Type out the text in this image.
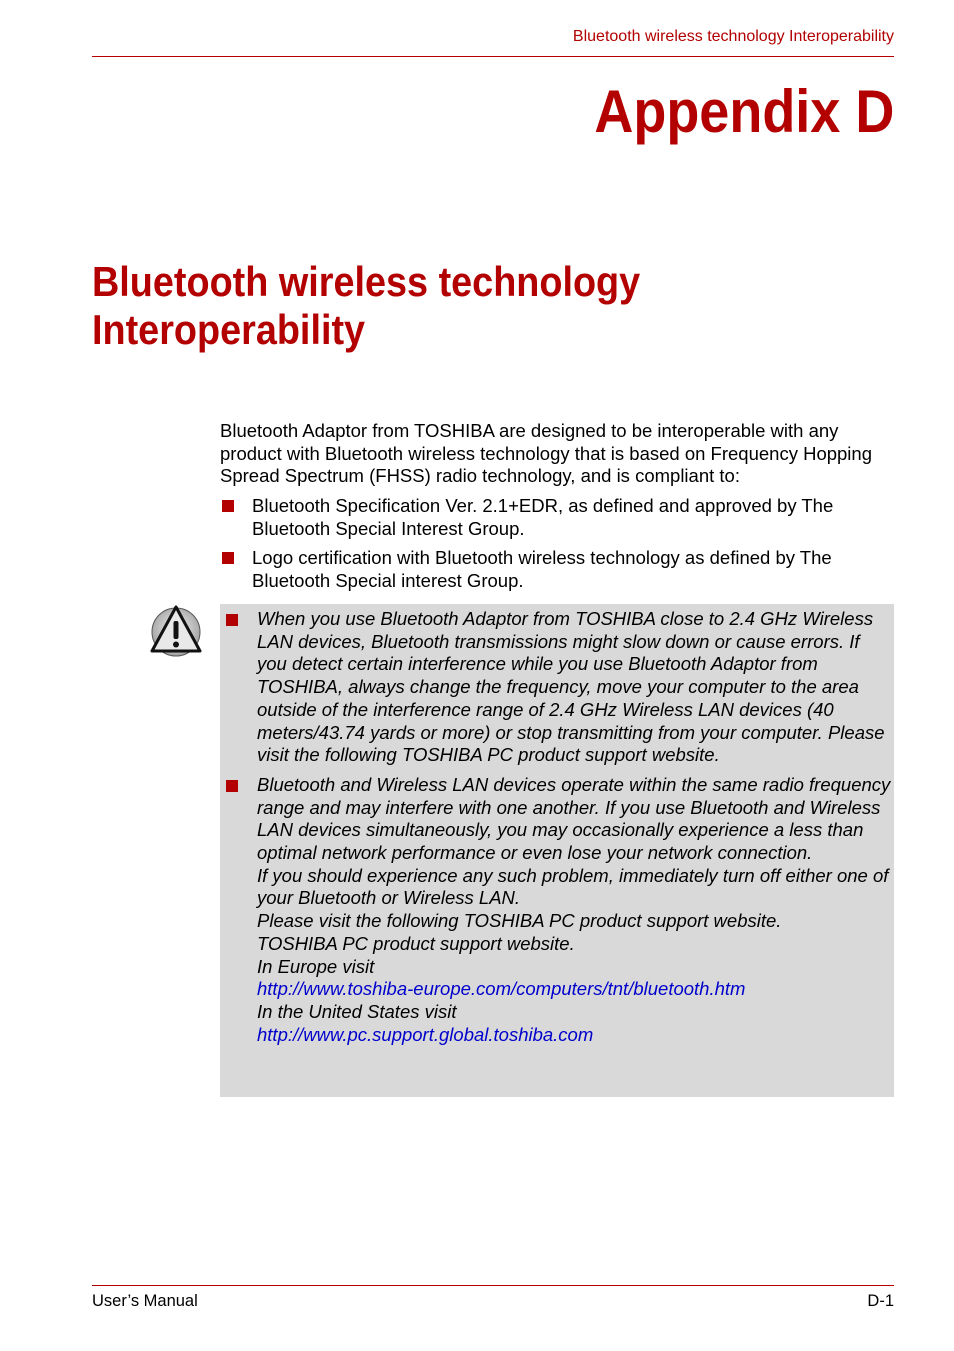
Bluetooth wireless technology Interoperability
Appendix D
Bluetooth wireless technology Interoperability

Bluetooth Adaptor from TOSHIBA are designed to be interoperable with any product with Bluetooth wireless technology that is based on Frequency Hopping Spread Spectrum (FHSS) radio technology, and is compliant to:

Bluetooth Specification Ver. 2.1+EDR, as defined and approved by The Bluetooth Special Interest Group.
Logo certification with Bluetooth wireless technology as defined by The Bluetooth Special interest Group.
When you use Bluetooth Adaptor from TOSHIBA close to 2.4 GHz Wireless LAN devices, Bluetooth transmissions might slow down or cause errors. If you detect certain interference while you use Bluetooth Adaptor from TOSHIBA, always change the frequency, move your computer to the area outside of the interference range of 2.4 GHz Wireless LAN devices (40 meters/43.74 yards or more) or stop transmitting from your computer. Please visit the following TOSHIBA PC product support website.
Bluetooth and Wireless LAN devices operate within the same radio frequency range and may interfere with one another. If you use Bluetooth and Wireless LAN devices simultaneously, you may occasionally experience a less than optimal network performance or even lose your network connection.
If you should experience any such problem, immediately turn off either one of your Bluetooth or Wireless LAN.
Please visit the following TOSHIBA PC product support website.
TOSHIBA PC product support website.
In Europe visit
http://www.toshiba-europe.com/computers/tnt/bluetooth.htm
In the United States visit
http://www.pc.support.global.toshiba.com
User’s Manual	D-1
